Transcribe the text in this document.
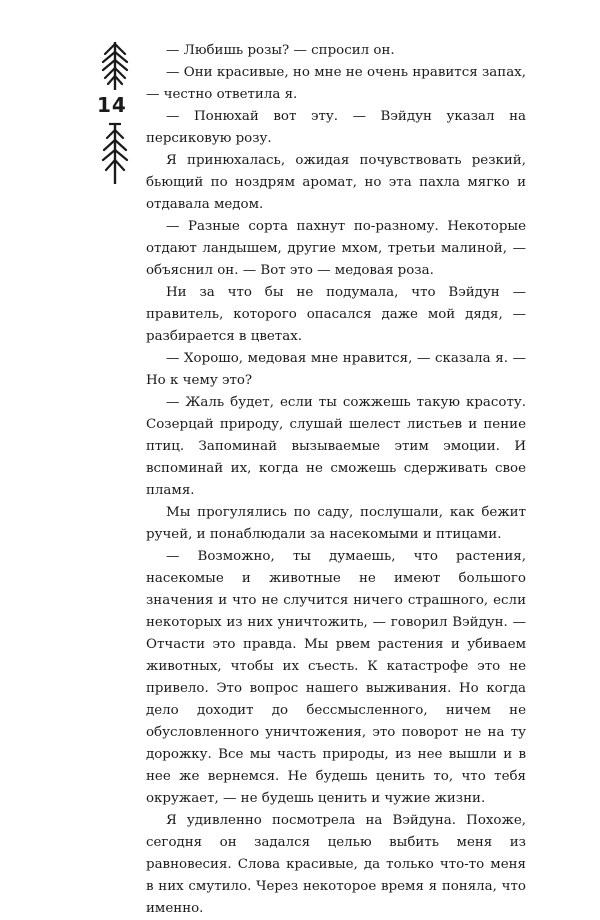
14

— Любишь розы? — спросил он.

— Они красивые, но мне не очень нравится запах, — честно ответила я.

— Понюхай вот эту. — Вэйдун указал на персиковую розу.

Я принюхалась, ожидая почувствовать резкий, бьющий по ноздрям аромат, но эта пахла мягко и отдавала медом.

— Разные сорта пахнут по-разному. Некоторые отдают ландышем, другие мхом, третьи малиной, — объяснил он. — Вот это — медовая роза.

Ни за что бы не подумала, что Вэйдун — правитель, которого опасался даже мой дядя, — разбирается в цветах.

— Хорошо, медовая мне нравится, — сказала я. — Но к чему это?

— Жаль будет, если ты сожжешь такую красоту. Созерцай природу, слушай шелест листьев и пение птиц. Запоминай вызываемые этим эмоции. И вспоминай их, когда не сможешь сдерживать свое пламя.

Мы прогулялись по саду, послушали, как бежит ручей, и понаблюдали за насекомыми и птицами.

— Возможно, ты думаешь, что растения, насекомые и животные не имеют большого значения и что не случится ничего страшного, если некоторых из них уничтожить, — говорил Вэйдун. — Отчасти это правда. Мы рвем растения и убиваем животных, чтобы их съесть. К катастрофе это не привело. Это вопрос нашего выживания. Но когда дело доходит до бессмысленного, ничем не обусловленного уничтожения, это поворот не на ту дорожку. Все мы часть природы, из нее вышли и в нее же вернемся. Не будешь ценить то, что тебя окружает, — не будешь ценить и чужие жизни.

Я удивленно посмотрела на Вэйдуна. Похоже, сегодня он задался целью выбить меня из равновесия. Слова красивые, да только что-то меня в них смутило. Через некоторое время я поняла, что именно.
